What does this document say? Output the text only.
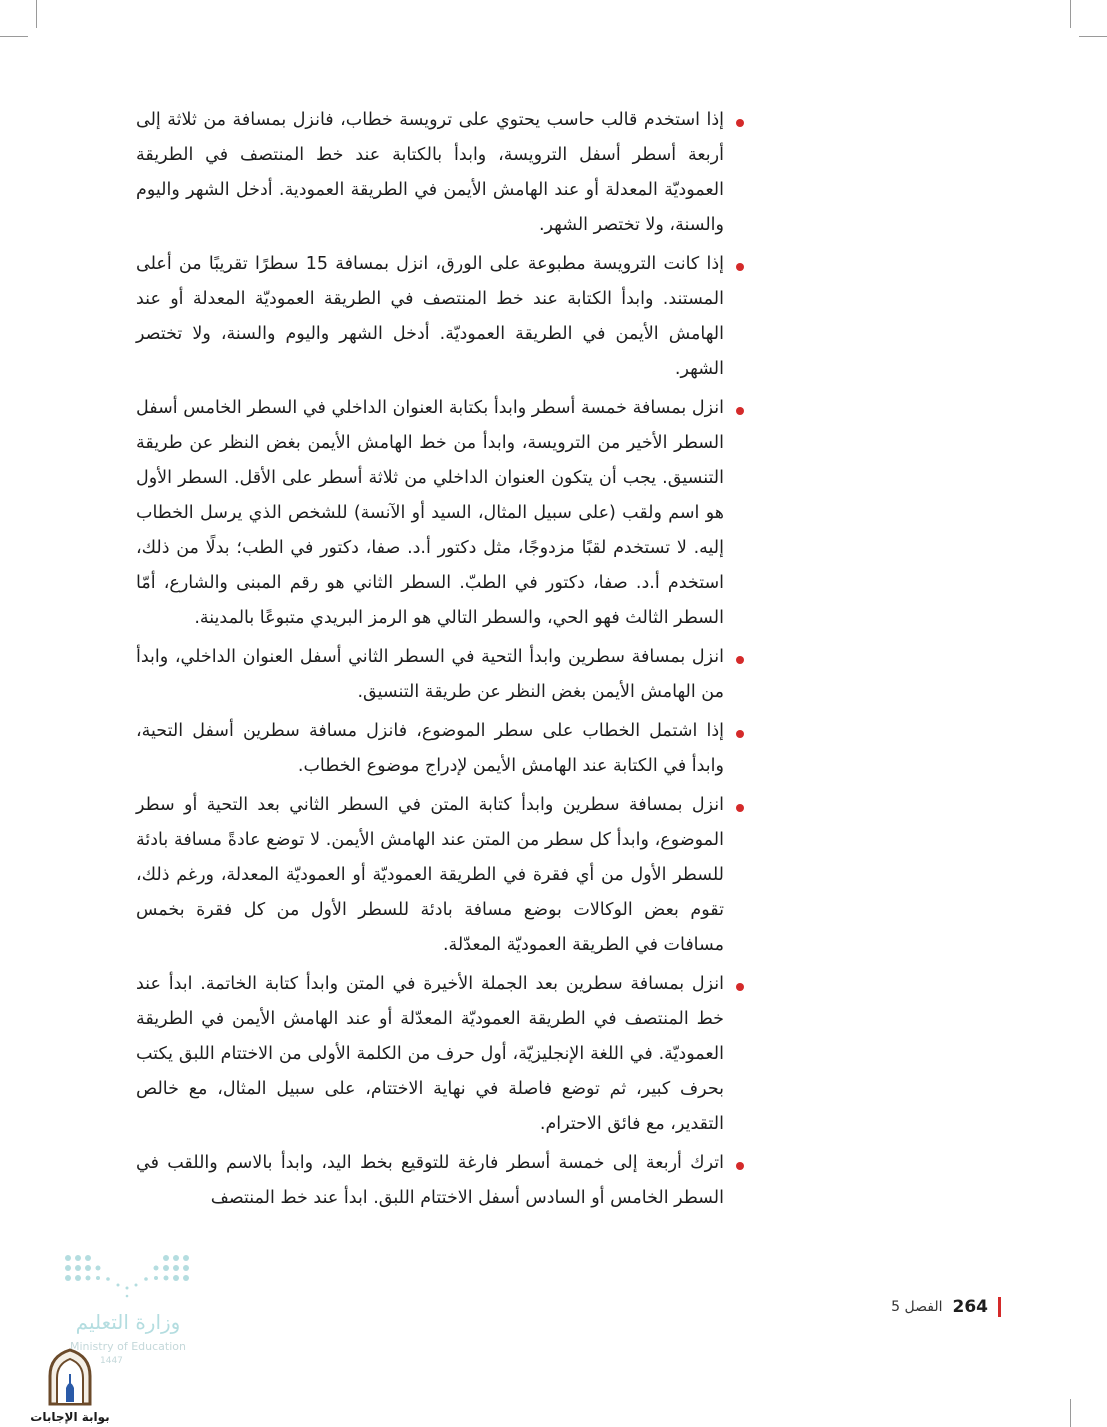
إذا استخدم قالب حاسب يحتوي على ترويسة خطاب، فانزل بمسافة من ثلاثة إلى أربعة أسطر أسفل الترويسة، وابدأ بالكتابة عند خط المنتصف في الطريقة العموديّة المعدلة أو عند الهامش الأيمن في الطريقة العمودية. أدخل الشهر واليوم والسنة، ولا تختصر الشهر.
إذا كانت الترويسة مطبوعة على الورق، انزل بمسافة 15 سطرًا تقريبًا من أعلى المستند. وابدأ الكتابة عند خط المنتصف في الطريقة العموديّة المعدلة أو عند الهامش الأيمن في الطريقة العموديّة. أدخل الشهر واليوم والسنة، ولا تختصر الشهر.
انزل بمسافة خمسة أسطر وابدأ بكتابة العنوان الداخلي في السطر الخامس أسفل السطر الأخير من الترويسة، وابدأ من خط الهامش الأيمن بغض النظر عن طريقة التنسيق. يجب أن يتكون العنوان الداخلي من ثلاثة أسطر على الأقل. السطر الأول هو اسم ولقب (على سبيل المثال، السيد أو الآنسة) للشخص الذي يرسل الخطاب إليه. لا تستخدم لقبًا مزدوجًا، مثل دكتور أ.د. صفا، دكتور في الطب؛ بدلًا من ذلك، استخدم أ.د. صفا، دكتور في الطبّ. السطر الثاني هو رقم المبنى والشارع، أمّا السطر الثالث فهو الحي، والسطر التالي هو الرمز البريدي متبوعًا بالمدينة.
انزل بمسافة سطرين وابدأ التحية في السطر الثاني أسفل العنوان الداخلي، وابدأ من الهامش الأيمن بغض النظر عن طريقة التنسيق.
إذا اشتمل الخطاب على سطر الموضوع، فانزل مسافة سطرين أسفل التحية، وابدأ في الكتابة عند الهامش الأيمن لإدراج موضوع الخطاب.
انزل بمسافة سطرين وابدأ كتابة المتن في السطر الثاني بعد التحية أو سطر الموضوع، وابدأ كل سطر من المتن عند الهامش الأيمن. لا توضع عادةً مسافة بادئة للسطر الأول من أي فقرة في الطريقة العموديّة أو العموديّة المعدلة، ورغم ذلك، تقوم بعض الوكالات بوضع مسافة بادئة للسطر الأول من كل فقرة بخمس مسافات في الطريقة العموديّة المعدّلة.
انزل بمسافة سطرين بعد الجملة الأخيرة في المتن وابدأ كتابة الخاتمة. ابدأ عند خط المنتصف في الطريقة العموديّة المعدّلة أو عند الهامش الأيمن في الطريقة العموديّة. في اللغة الإنجليزيّة، أول حرف من الكلمة الأولى من الاختتام اللبق يكتب بحرف كبير، ثم توضع فاصلة في نهاية الاختتام، على سبيل المثال، مع خالص التقدير، مع فائق الاحترام.
اترك أربعة إلى خمسة أسطر فارغة للتوقيع بخط اليد، وابدأ بالاسم واللقب في السطر الخامس أو السادس أسفل الاختتام اللبق. ابدأ عند خط المنتصف
264
الفصل 5
وزارة التعليم
Ministry of Education
1447
بوابة الإجابات
